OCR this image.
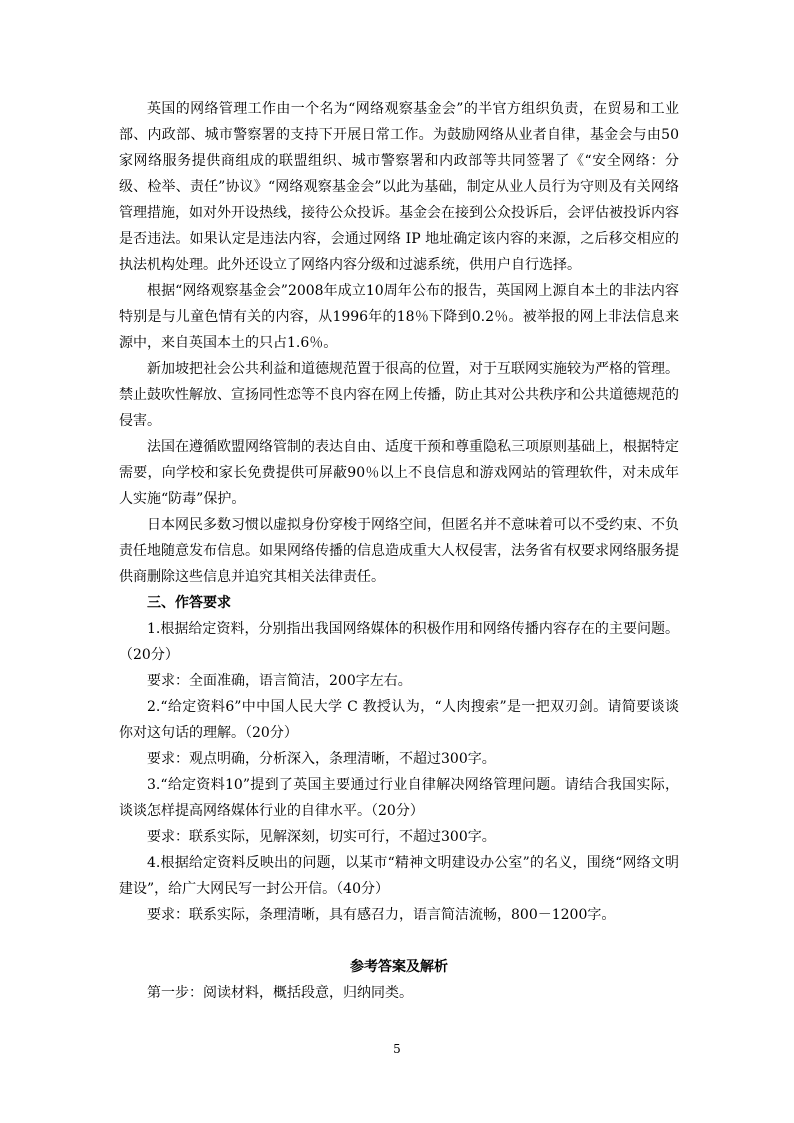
英国的网络管理工作由一个名为“网络观察基金会”的半官方组织负责，在贸易和工业部、内政部、城市警察署的支持下开展日常工作。为鼓励网络从业者自律，基金会与由50家网络服务提供商组成的联盟组织、城市警察署和内政部等共同签署了《“安全网络：分级、检举、责任”协议》“网络观察基金会”以此为基础，制定从业人员行为守则及有关网络管理措施，如对外开设热线，接待公众投诉。基金会在接到公众投诉后，会评估被投诉内容是否违法。如果认定是违法内容，会通过网络 IP 地址确定该内容的来源，之后移交相应的执法机构处理。此外还设立了网络内容分级和过滤系统，供用户自行选择。

根据“网络观察基金会”2008年成立10周年公布的报告，英国网上源自本土的非法内容特别是与儿童色情有关的内容，从1996年的18％下降到0.2％。被举报的网上非法信息来源中，来自英国本土的只占1.6％。

新加坡把社会公共利益和道德规范置于很高的位置，对于互联网实施较为严格的管理。禁止鼓吹性解放、宣扬同性恋等不良内容在网上传播，防止其对公共秩序和公共道德规范的侵害。

法国在遵循欧盟网络管制的表达自由、适度干预和尊重隐私三项原则基础上，根据特定需要，向学校和家长免费提供可屏蔽90％以上不良信息和游戏网站的管理软件，对未成年人实施“防毒”保护。

日本网民多数习惯以虚拟身份穿梭于网络空间，但匿名并不意味着可以不受约束、不负责任地随意发布信息。如果网络传播的信息造成重大人权侵害，法务省有权要求网络服务提供商删除这些信息并追究其相关法律责任。

三、作答要求

1.根据给定资料，分别指出我国网络媒体的积极作用和网络传播内容存在的主要问题。（20分）

要求：全面准确，语言简洁，200字左右。

2.“给定资料6”中中国人民大学 C 教授认为，“人肉搜索”是一把双刃剑。请简要谈谈你对这句话的理解。（20分）

要求：观点明确，分析深入，条理清晰，不超过300字。

3.“给定资料10”提到了英国主要通过行业自律解决网络管理问题。请结合我国实际，谈谈怎样提高网络媒体行业的自律水平。（20分）

要求：联系实际，见解深刻，切实可行，不超过300字。

4.根据给定资料反映出的问题，以某市“精神文明建设办公室”的名义，围绕“网络文明建设”，给广大网民写一封公开信。（40分）

要求：联系实际，条理清晰，具有感召力，语言简洁流畅，800－1200字。

参考答案及解析

第一步：阅读材料，概括段意，归纳同类。

5
